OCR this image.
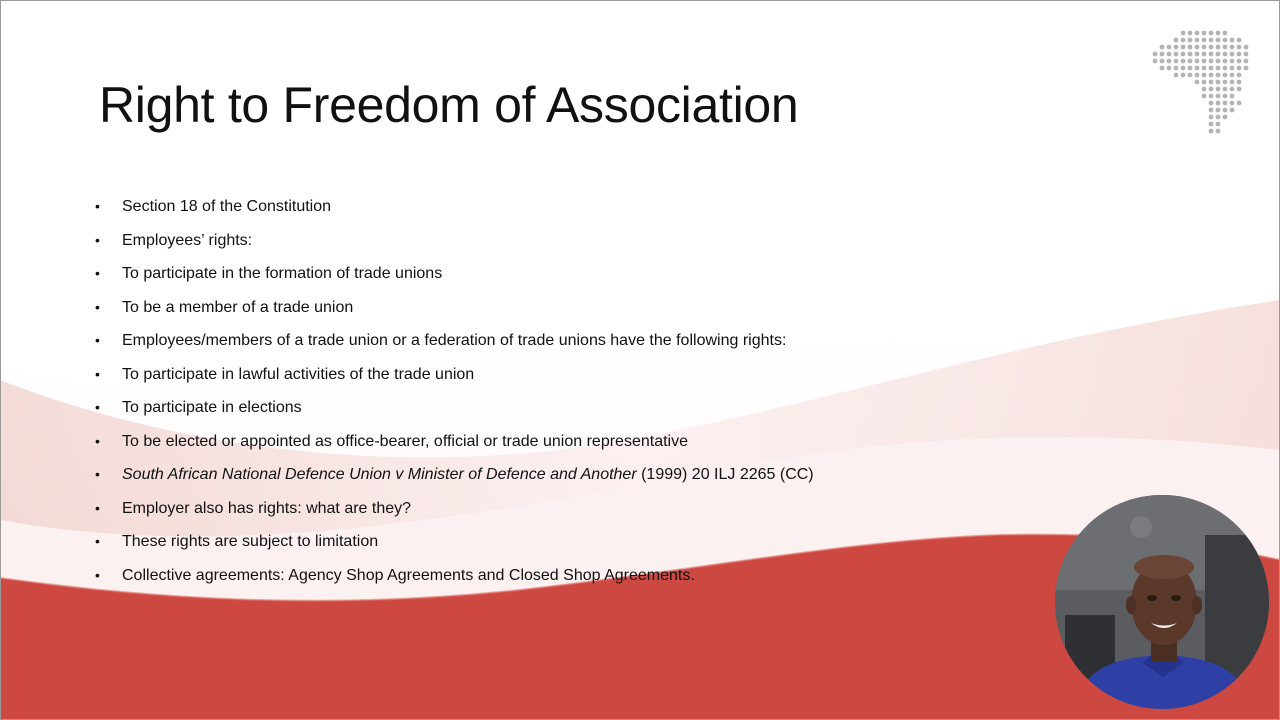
Right to Freedom of Association
•	Section 18 of the Constitution
•	Employees’ rights:
•	To participate in the formation of trade unions
•	To be a member of a trade union
•	Employees/members of a trade union or a federation of trade unions have the following rights:
•	To participate in lawful activities of the trade union
•	To participate in elections
•	To be elected or appointed as office-bearer, official or trade union representative
•	South African National Defence Union v Minister of Defence and Another (1999) 20 ILJ 2265 (CC)
•	Employer also has rights: what are they?
•	These rights are subject to limitation
•	Collective agreements: Agency Shop Agreements and Closed Shop Agreements.
